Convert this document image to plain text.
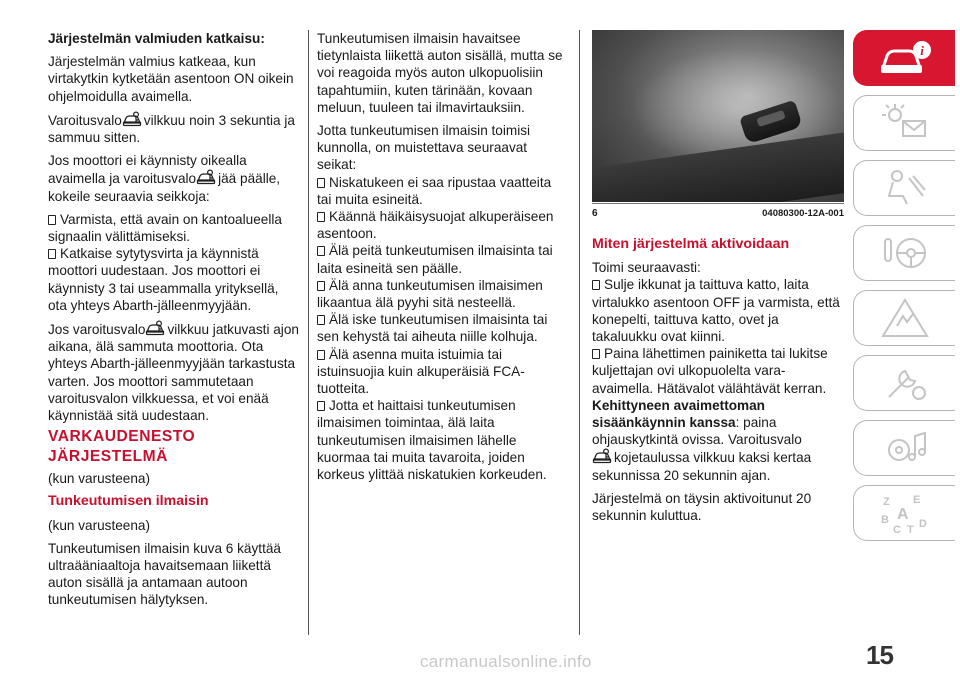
Järjestelmän valmiuden katkaisu:

Järjestelmän valmius katkeaa, kun virtakytkin kytketään asentoon ON oikein ohjelmoidulla avaimella.

Varoitusvalo vilkkuu noin 3 sekuntia ja sammuu sitten.

Jos moottori ei käynnisty oikealla avaimella ja varoitusvalo jää päälle, kokeile seuraavia seikkoja:

Varmista, että avain on kantoalueella signaalin välittämiseksi.

Katkaise sytytysvirta ja käynnistä moottori uudestaan. Jos moottori ei käynnisty 3 tai useammalla yrityksellä, ota yhteys Abarth-jälleenmyyjään.

Jos varoitusvalo vilkkuu jatkuvasti ajon aikana, älä sammuta moottoria. Ota yhteys Abarth-jälleenmyyjään tarkastusta varten. Jos moottori sammutetaan varoitusvalon vilkkuessa, et voi enää käynnistää sitä uudestaan.

VARKAUDENESTO

JÄRJESTELMÄ

(kun varusteena)

Tunkeutumisen ilmaisin

(kun varusteena)

Tunkeutumisen ilmaisin kuva 6 käyttää ultraääniaaltoja havaitsemaan liikettä auton sisällä ja antamaan autoon tunkeutumisen hälytyksen.

Tunkeutumisen ilmaisin havaitsee tietynlaista liikettä auton sisällä, mutta se voi reagoida myös auton ulkopuolisiin tapahtumiin, kuten tärinään, kovaan meluun, tuuleen tai ilmavirtauksiin.

Jotta tunkeutumisen ilmaisin toimisi kunnolla, on muistettava seuraavat seikat:

Niskatukeen ei saa ripustaa vaatteita tai muita esineitä.

Käännä häikäisysuojat alkuperäiseen asentoon.

Älä peitä tunkeutumisen ilmaisinta tai laita esineitä sen päälle.

Älä anna tunkeutumisen ilmaisimen likaantua älä pyyhi sitä nesteellä.

Älä iske tunkeutumisen ilmaisinta tai sen kehystä tai aiheuta niille kolhuja.

Älä asenna muita istuimia tai istuinsuojia kuin alkuperäisiä FCA-tuotteita.

Jotta et haittaisi tunkeutumisen ilmaisimen toimintaa, älä laita tunkeutumisen ilmaisimen lähelle kuormaa tai muita tavaroita, joiden korkeus ylittää niskatukien korkeuden.

6	04080300-12A-001

Miten järjestelmä aktivoidaan

Toimi seuraavasti:

Sulje ikkunat ja taittuva katto, laita virtalukko asentoon OFF ja varmista, että konepelti, taittuva katto, ovet ja takaluukku ovat kiinni.

Paina lähettimen painiketta tai lukitse kuljettajan ovi ulkopuolelta vara-avaimella. Hätävalot välähtävät kerran. Kehittyneen avaimettoman sisäänkäynnin kanssa: paina ohjauskytkintä ovissa. Varoitusvalo
kojetaulussa vilkkuu kaksi kertaa sekunnissa 20 sekunnin ajan.

Järjestelmä on täysin aktivoitunut 20 sekunnin kuluttua.

i
Z E
A
B
C T D
15
carmanualsonline.info
